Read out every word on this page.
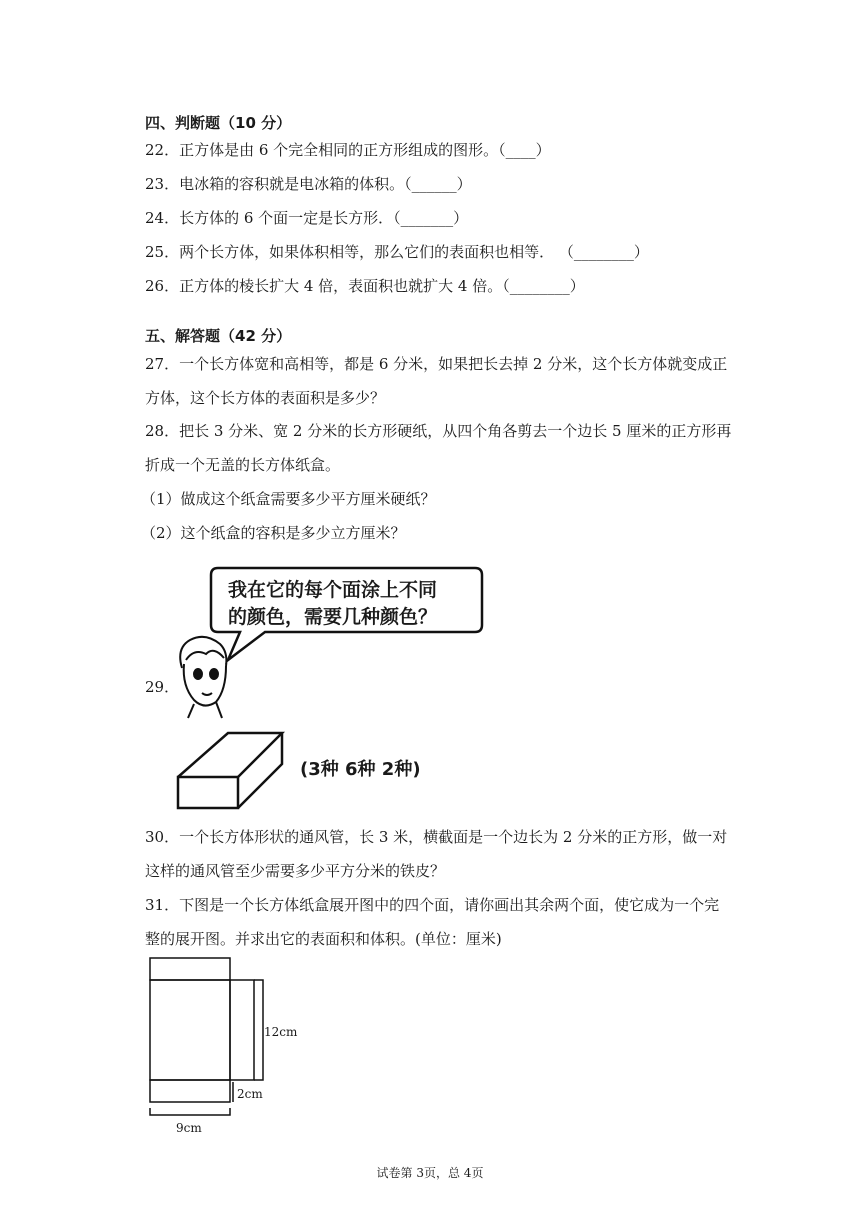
四、判断题（10 分）
22．正方体是由 6 个完全相同的正方形组成的图形。（____）
23．电冰箱的容积就是电冰箱的体积。（______）
24．长方体的 6 个面一定是长方形．（_______）
25．两个长方体，如果体积相等，那么它们的表面积也相等． （________）
26．正方体的棱长扩大 4 倍，表面积也就扩大 4 倍。（________）
五、解答题（42 分）
27．一个长方体宽和高相等，都是 6 分米，如果把长去掉 2 分米，这个长方体就变成正
方体，这个长方体的表面积是多少？
28．把长 3 分米、宽 2 分米的长方形硬纸，从四个角各剪去一个边长 5 厘米的正方形再
折成一个无盖的长方体纸盒。
（1）做成这个纸盒需要多少平方厘米硬纸？
（2）这个纸盒的容积是多少立方厘米？
29．
我在它的每个面涂上不同
的颜色，需要几种颜色？
(3种 6种 2种)
30．一个长方体形状的通风管，长 3 米，横截面是一个边长为 2 分米的正方形，做一对
这样的通风管至少需要多少平方分米的铁皮？
31．下图是一个长方体纸盒展开图中的四个面，请你画出其余两个面，使它成为一个完
整的展开图。并求出它的表面积和体积。(单位：厘米)
12cm
2cm
9cm
试卷第 3页，总 4页
